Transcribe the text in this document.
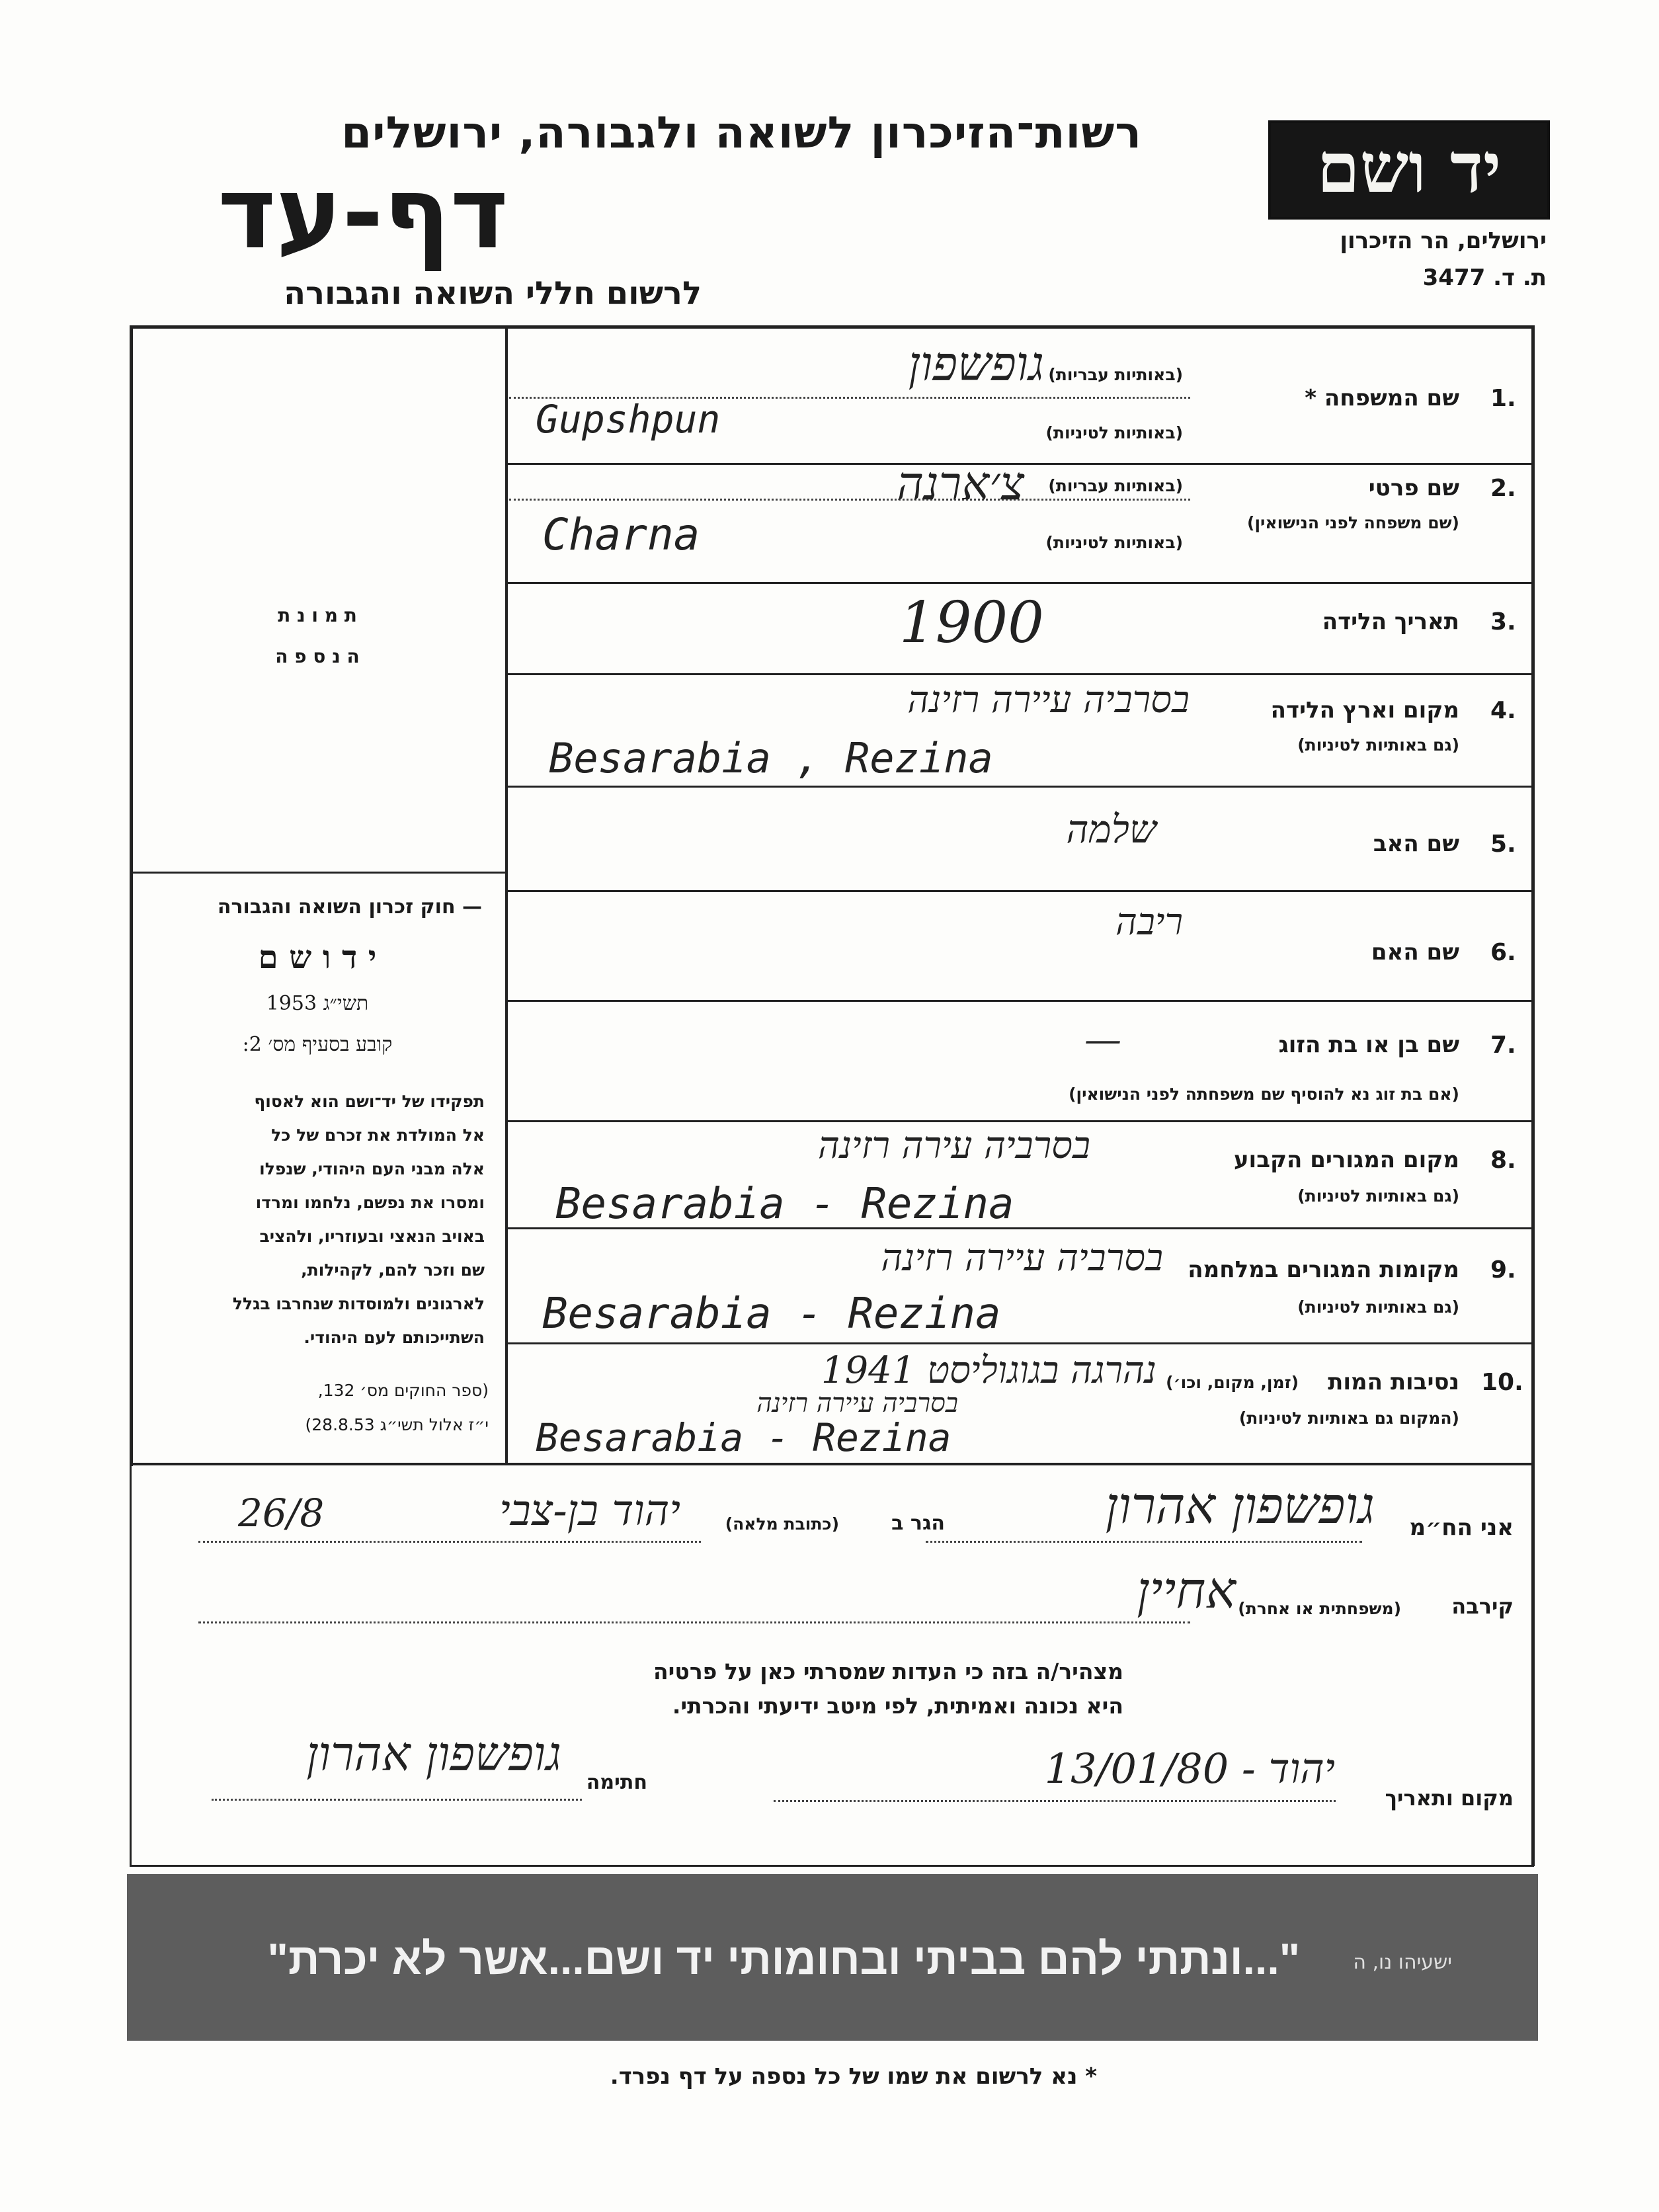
יד ושם
ירושלים, הר הזיכרון
ת. ד. 3477
רשות־הזיכרון לשואה ולגבורה, ירושלים
דף-עד
לרשום חללי השואה והגבורה
ת מ ו נ ת
ה נ ס פ ה
— חוק זכרון השואה והגבורה
י ד ו ש ם
תשי״ג 1953
קובע בסעיף מס׳ 2:
תפקידו של יד־ושם הוא לאסוף
אל המולדת את זכרם של כל
אלה מבני העם היהודי, שנפלו
ומסרו את נפשם, נלחמו ומרדו
באויב הנאצי ובעוזריו, ולהציב
שם וזכר להם, לקהילות,
לארגונים ולמוסדות שנחרבו בגלל
השתייכותם לעם היהודי.
(ספר החוקים מס׳ 132,
י״ז אלול תשי״ג 28.8.53)
1.
שם המשפחה *
(באותיות עבריות)
(באותיות לטיניות)
גופשפון
Gupshpun
2.
שם פרטי
(שם משפחה לפני הנישואין)
(באותיות עבריות)
(באותיות לטיניות)
צ׳ארנה
Charna
3.
תאריך הלידה
1900
4.
מקום וארץ הלידה
(גם באותיות לטיניות)
בסרביה עיירה רזינה
Besarabia , Rezina
5.
שם האב
שלמה
6.
שם האם
ריבה
7.
שם בן או בת הזוג
(אם בת זוג נא להוסיף שם משפחתה לפני הנישואין)
—
8.
מקום המגורים הקבוע
(גם באותיות לטיניות)
בסרביה עירה רזינה
Besarabia - Rezina
9.
מקומות המגורים במלחמה
(גם באותיות לטיניות)
בסרביה עיירה רזינה
Besarabia - Rezina
10.
נסיבות המות
(זמן, מקום, וכו׳)
(המקום גם באותיות לטיניות)
נהרגה בגוגוליסט 1941
בסרביה עיירה רזינה
Besarabia - Rezina
אני הח״מ
גופשפון אהרון
הגר ב
(כתובת מלאה)
יהוד בן-צבי
26/8
קירבה
(משפחתית או אחרת)
אחיין
מצהיר/ה בזה כי העדות שמסרתי כאן על פרטיה
היא נכונה ואמיתית, לפי מיטב ידיעתי והכרתי.
מקום ותאריך
יהוד - 13/01/80
חתימה
גופשפון אהרון
"...ונתתי להם בביתי ובחומותי יד ושם...אשר לא יכרת"	ישעיהו נו, ה
* נא לרשום את שמו של כל נספה על דף נפרד.
